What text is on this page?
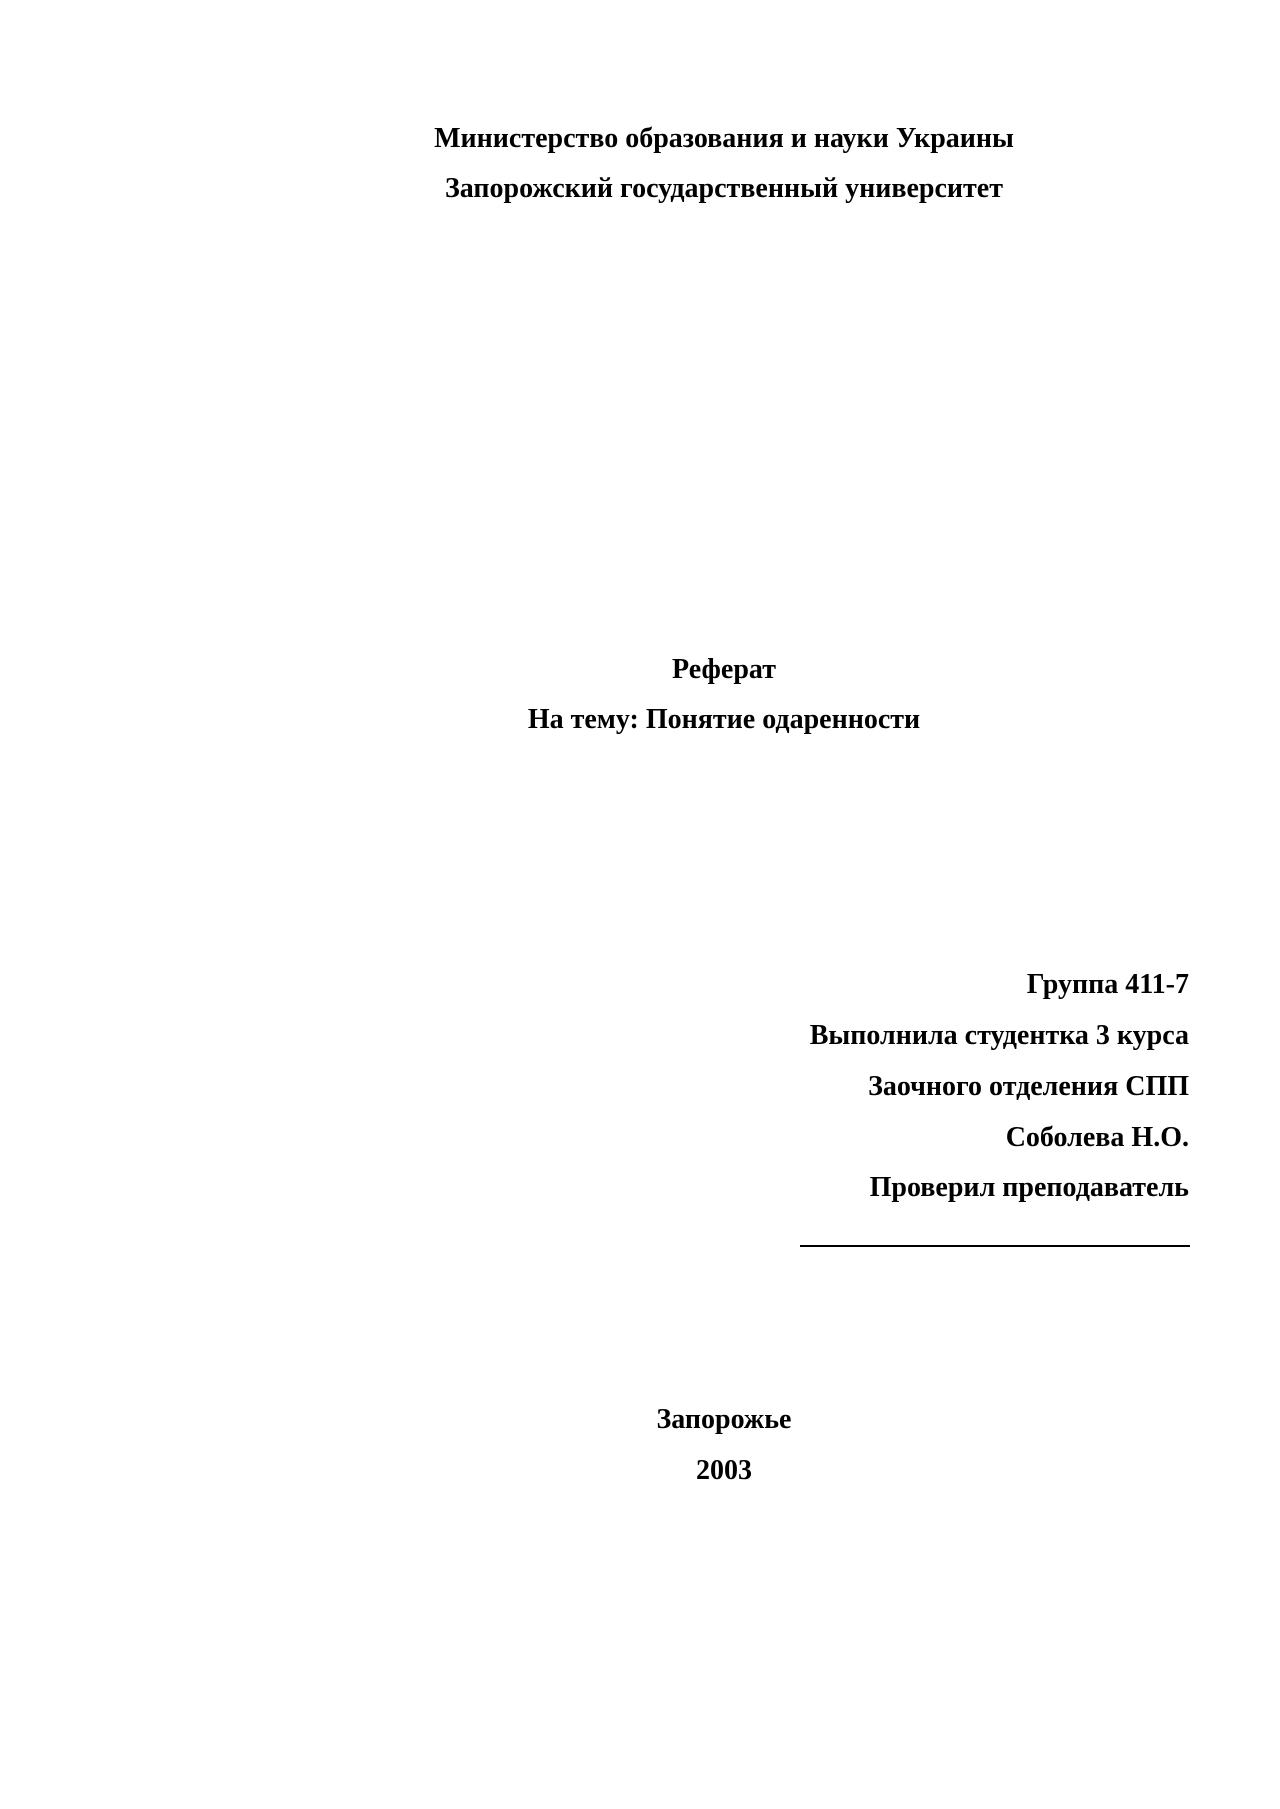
Министерство образования и науки Украины
Запорожский государственный университет
Реферат
На тему: Понятие одаренности
Группа 411-7
Выполнила студентка 3 курса
Заочного отделения СПП
Соболева Н.О.
Проверил преподаватель
Запорожье
2003
